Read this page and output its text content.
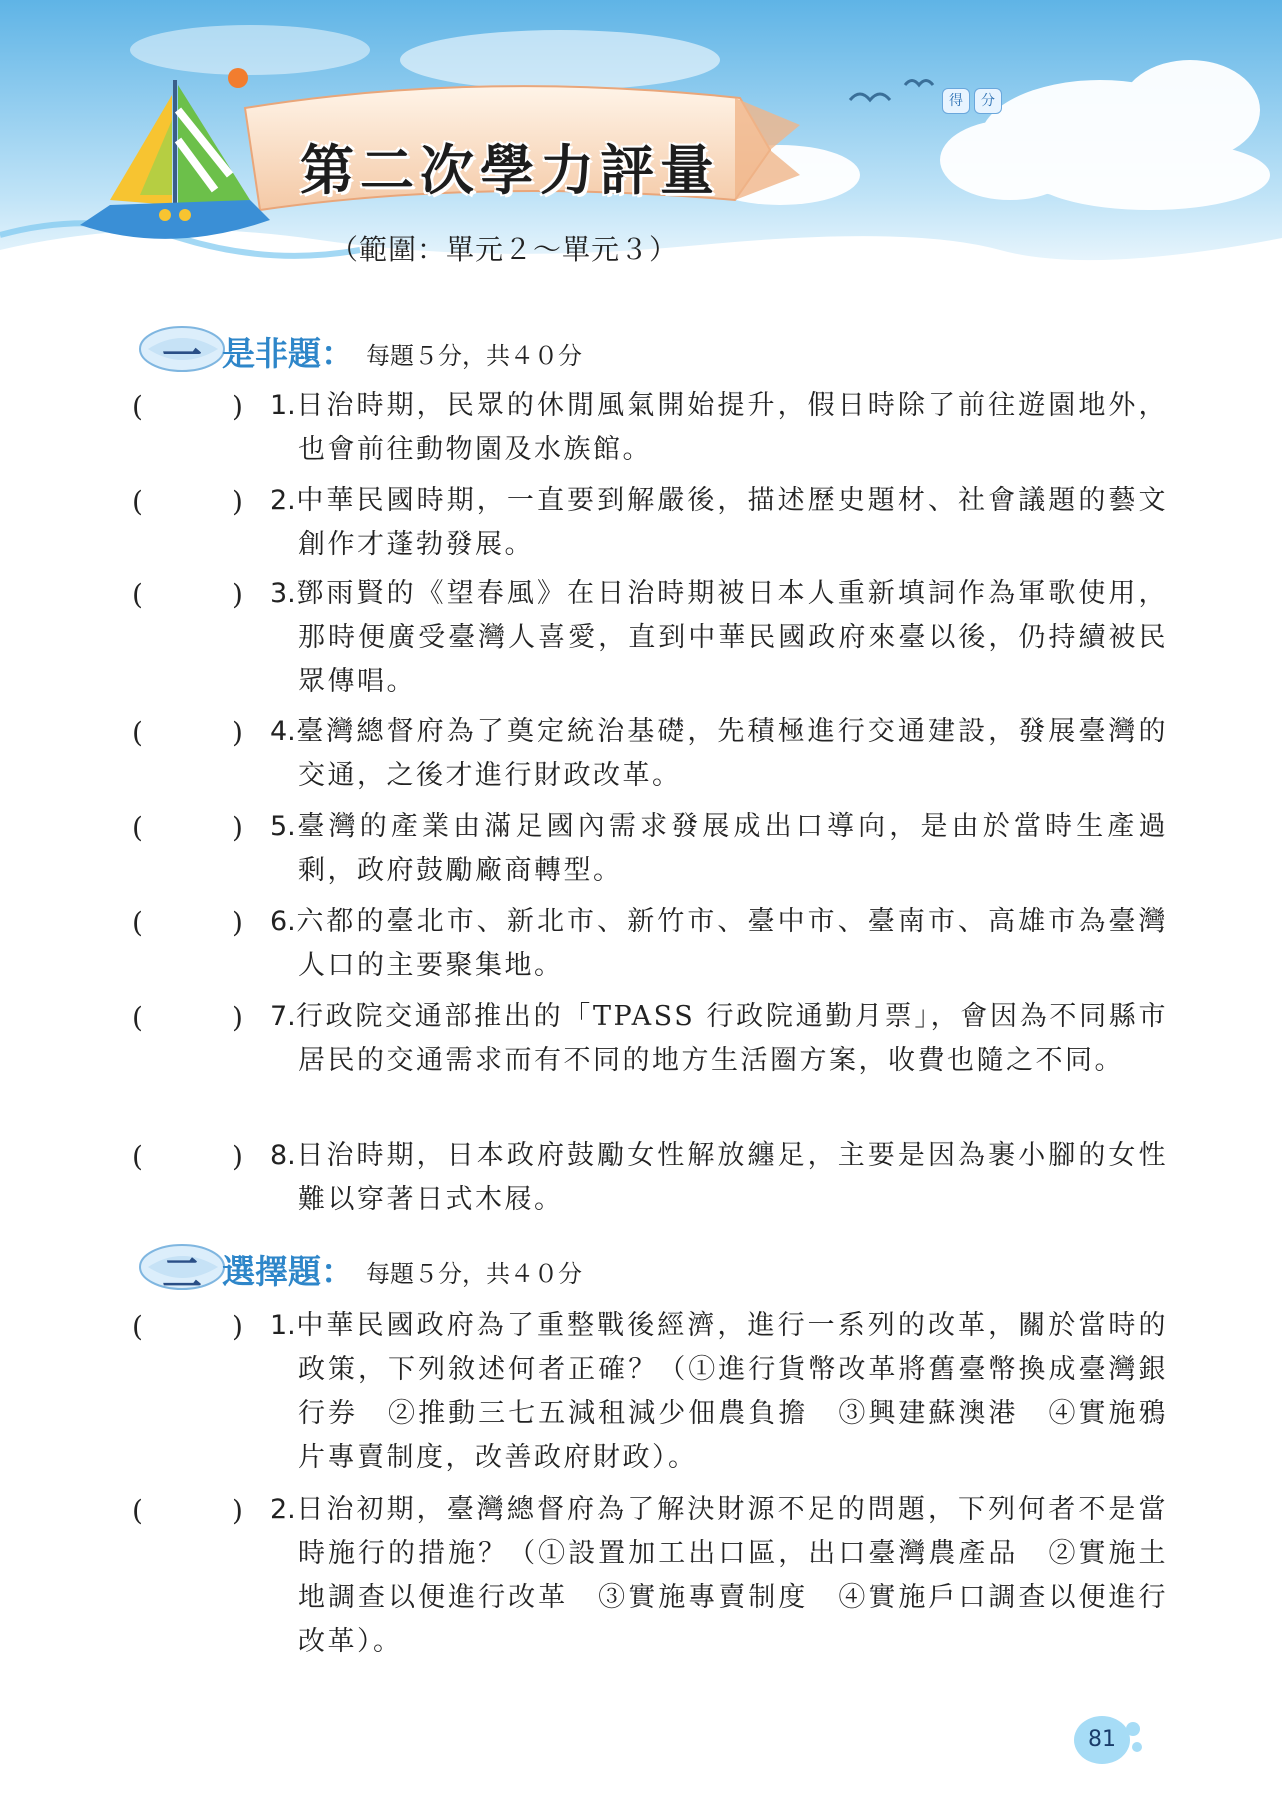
第二次學力評量
（範圍：單元２～單元３）
得	分
一 是非題： 每題５分，共４０分
二 選擇題： 每題５分，共４０分
(	) 1.日治時期，民眾的休閒風氣開始提升，假日時除了前往遊園地外，也會前往動物園及水族館。
(	) 2.中華民國時期，一直要到解嚴後，描述歷史題材、社會議題的藝文創作才蓬勃發展。
(	) 3.鄧雨賢的《望春風》在日治時期被日本人重新填詞作為軍歌使用，那時便廣受臺灣人喜愛，直到中華民國政府來臺以後，仍持續被民眾傳唱。
(	) 4.臺灣總督府為了奠定統治基礎，先積極進行交通建設，發展臺灣的交通，之後才進行財政改革。
(	) 5.臺灣的產業由滿足國內需求發展成出口導向，是由於當時生產過剩，政府鼓勵廠商轉型。
(	) 6.六都的臺北市、新北市、新竹市、臺中市、臺南市、高雄市為臺灣人口的主要聚集地。
(	) 7.行政院交通部推出的「TPASS 行政院通勤月票」，會因為不同縣市居民的交通需求而有不同的地方生活圈方案，收費也隨之不同。
(	) 8.日治時期，日本政府鼓勵女性解放纏足，主要是因為裹小腳的女性難以穿著日式木屐。
(	) 1.中華民國政府為了重整戰後經濟，進行一系列的改革，關於當時的政策，下列敘述何者正確？（①進行貨幣改革將舊臺幣換成臺灣銀行券　②推動三七五減租減少佃農負擔　③興建蘇澳港　④實施鴉片專賣制度，改善政府財政）。
(	) 2.日治初期，臺灣總督府為了解決財源不足的問題，下列何者不是當時施行的措施？（①設置加工出口區，出口臺灣農產品　②實施土地調查以便進行改革　③實施專賣制度　④實施戶口調查以便進行改革）。
81
